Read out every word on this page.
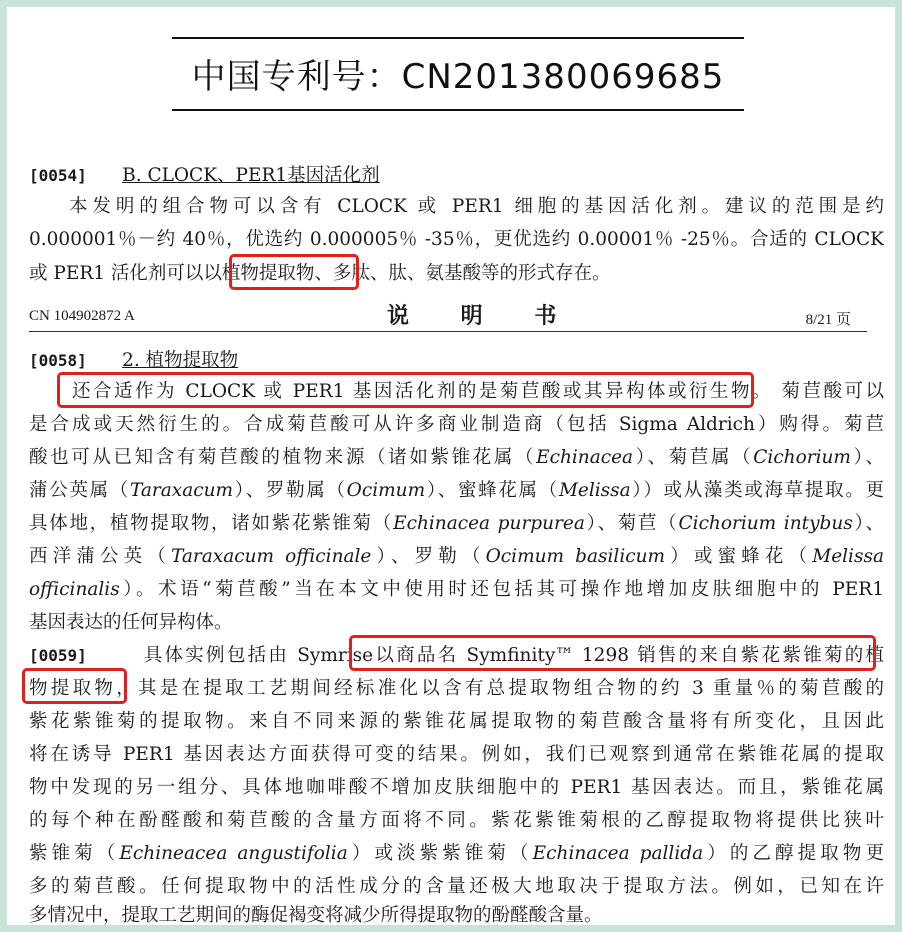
中国专利号：CN201380069685
[0054] B. CLOCK、PER1基因活化剂
本发明的组合物可以含有 CLOCK 或 PER1 细胞的基因活化剂。建议的范围是约
0.000001％－约 40％，优选约 0.000005％ -35％，更优选约 0.00001％ -25％。合适的 CLOCK
或 PER1 活化剂可以以植物提取物、多肽、肽、氨基酸等的形式存在。
CN 104902872 A	说 明 书	8/21 页
[0058] 2. 植物提取物
还合适作为 CLOCK 或 PER1 基因活化剂的是菊苣酸或其异构体或衍生物。 菊苣酸可以
是合成或天然衍生的。合成菊苣酸可从许多商业制造商（包括 Sigma Aldrich）购得。菊苣
酸也可从已知含有菊苣酸的植物来源（诸如紫锥花属（Echinacea）、菊苣属（Cichorium）、
蒲公英属（Taraxacum）、罗勒属（Ocimum）、蜜蜂花属（Melissa））或从藻类或海草提取。更
具体地，植物提取物，诸如紫花紫锥菊（Echinacea purpurea）、菊苣（Cichorium intybus）、
西洋蒲公英（Taraxacum officinale）、罗勒（Ocimum basilicum）或蜜蜂花（Melissa
officinalis）。术语“菊苣酸”当在本文中使用时还包括其可操作地增加皮肤细胞中的 PER1
基因表达的任何异构体。
[0059]	具体实例包括由 Symrise以商品名 Symfinity™ 1298 销售的来自紫花紫锥菊的植
物提取物，其是在提取工艺期间经标准化以含有总提取物组合物的约 3 重量％的菊苣酸的
紫花紫锥菊的提取物。来自不同来源的紫锥花属提取物的菊苣酸含量将有所变化，且因此
将在诱导 PER1 基因表达方面获得可变的结果。例如，我们已观察到通常在紫锥花属的提取
物中发现的另一组分、具体地咖啡酸不增加皮肤细胞中的 PER1 基因表达。而且，紫锥花属
的每个种在酚醛酸和菊苣酸的含量方面将不同。紫花紫锥菊根的乙醇提取物将提供比狭叶
紫锥菊（Echineacea angustifolia）或淡紫紫锥菊（Echinacea pallida）的乙醇提取物更
多的菊苣酸。任何提取物中的活性成分的含量还极大地取决于提取方法。例如，已知在许
多情况中，提取工艺期间的酶促褐变将减少所得提取物的酚醛酸含量。
